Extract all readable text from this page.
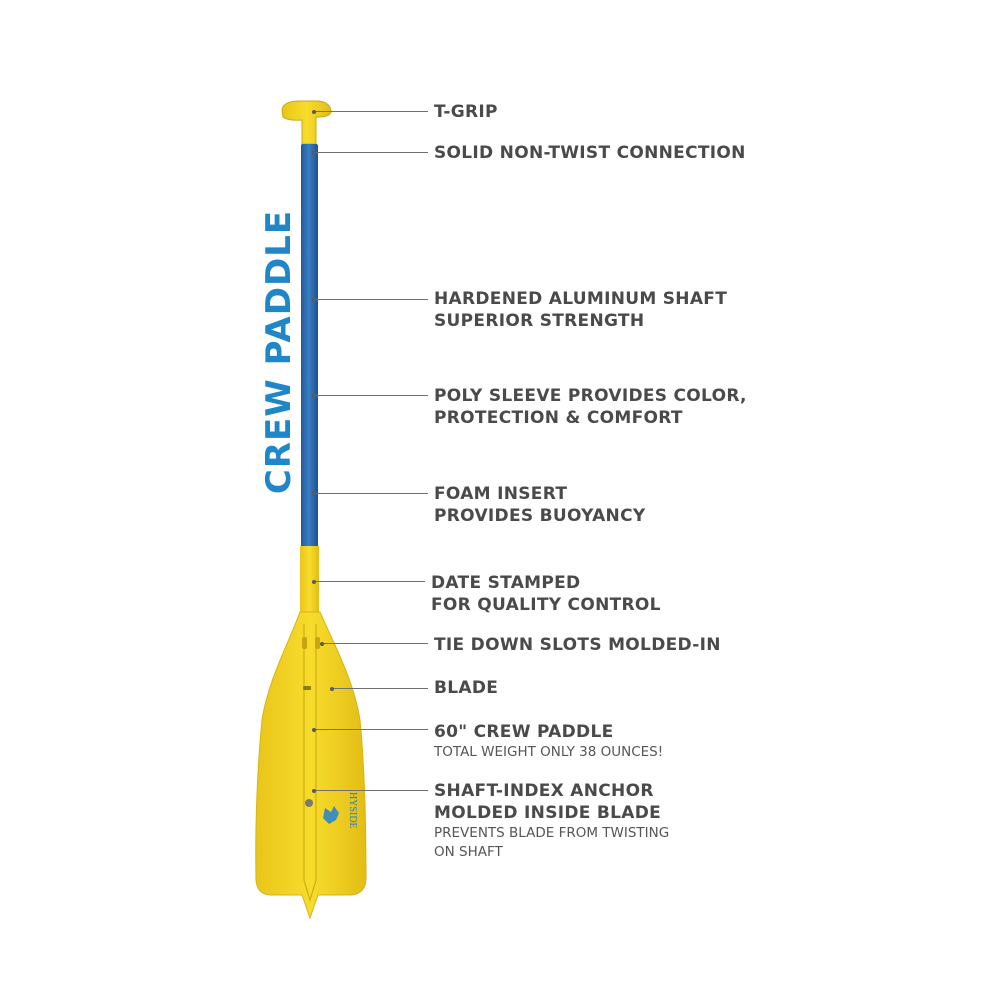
HYSIDE
CREW PADDLE
T-GRIP
SOLID NON-TWIST CONNECTION
HARDENED ALUMINUM SHAFT
SUPERIOR STRENGTH
POLY SLEEVE PROVIDES COLOR,
PROTECTION & COMFORT
FOAM INSERT
PROVIDES BUOYANCY
DATE STAMPED
FOR QUALITY CONTROL
TIE DOWN SLOTS MOLDED-IN
BLADE
60" CREW PADDLE
TOTAL WEIGHT ONLY 38 OUNCES!
SHAFT-INDEX ANCHOR
MOLDED INSIDE BLADE
PREVENTS BLADE FROM TWISTING
ON SHAFT
